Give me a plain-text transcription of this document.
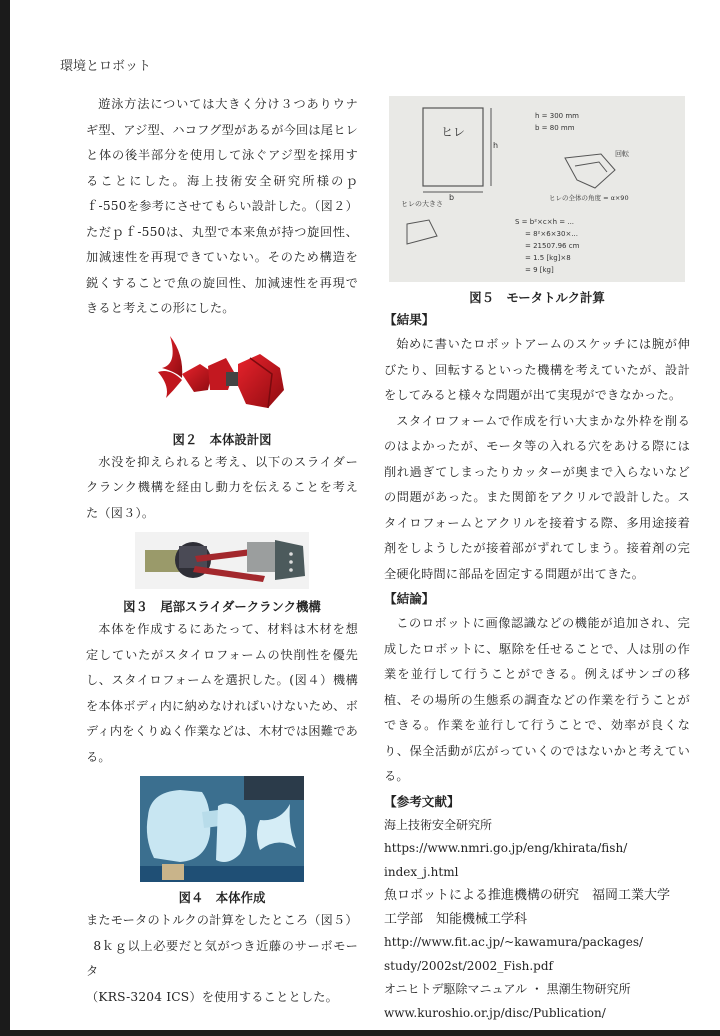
環境とロボット

遊泳方法については大きく分け３つありウナギ型、アジ型、ハコフグ型があるが今回は尾ヒレと体の後半部分を使用して泳ぐアジ型を採用することにした。海上技術安全研究所様のｐｆ-550を参考にさせてもらい設計した。（図２）ただｐｆ-550は、丸型で本来魚が持つ旋回性、加減速性を再現できていない。そのため構造を鋭くすることで魚の旋回性、加減速性を再現できると考えこの形にした。

図２　本体設計図

水没を抑えられると考え、以下のスライダークランク機構を経由し動力を伝えることを考えた（図３）。

図３　尾部スライダークランク機構

本体を作成するにあたって、材料は木材を想定していたがスタイロフォームの快削性を優先し、スタイロフォームを選択した。(図４）機構を本体ボディ内に納めなければいけないため、ボディ内をくりぬく作業などは、木材では困難である。

図４　本体作成

またモータのトルクの計算をしたところ（図５）

8ｋｇ以上必要だと気がつき近藤のサーボモータ

（KRS-3204 ICS）を使用することとした。

ヒレ
h
b
ヒレの大きさ
h = 300 mm
b = 80 mm
回転
ヒレの全体の角度 = α×90
S = b²×c×h = ...
= 8²×6×30×...
= 21507.96 cm
= 1.5 [kg]×8
= 9 [kg]
図５　モータトルク計算
【結果】

始めに書いたロボットアームのスケッチには腕が伸びたり、回転するといった機構を考えていたが、設計をしてみると様々な問題が出て実現ができなかった。

スタイロフォームで作成を行い大まかな外枠を削るのはよかったが、モータ等の入れる穴をあける際には削れ過ぎてしまったりカッターが奥まで入らないなどの問題があった。また関節をアクリルで設計した。スタイロフォームとアクリルを接着する際、多用途接着剤をしようしたが接着部がずれてしまう。接着剤の完全硬化時間に部品を固定する問題が出てきた。

【結論】

このロボットに画像認識などの機能が追加され、完成したロボットに、駆除を任せることで、人は別の作業を並行して行うことができる。例えばサンゴの移植、その場所の生態系の調査などの作業を行うことができる。作業を並行して行うことで、効率が良くなり、保全活動が広がっていくのではないかと考えている。

【参考文献】

海上技術安全研究所

https://www.nmri.go.jp/eng/khirata/fish/

index_j.html

魚ロボットによる推進機構の研究　福岡工業大学

工学部　知能機械工学科

http://www.fit.ac.jp/~kawamura/packages/

study/2002st/2002_Fish.pdf

オニヒトデ駆除マニュアル ・ 黒潮生物研究所

www.kuroshio.or.jp/disc/Publication/
